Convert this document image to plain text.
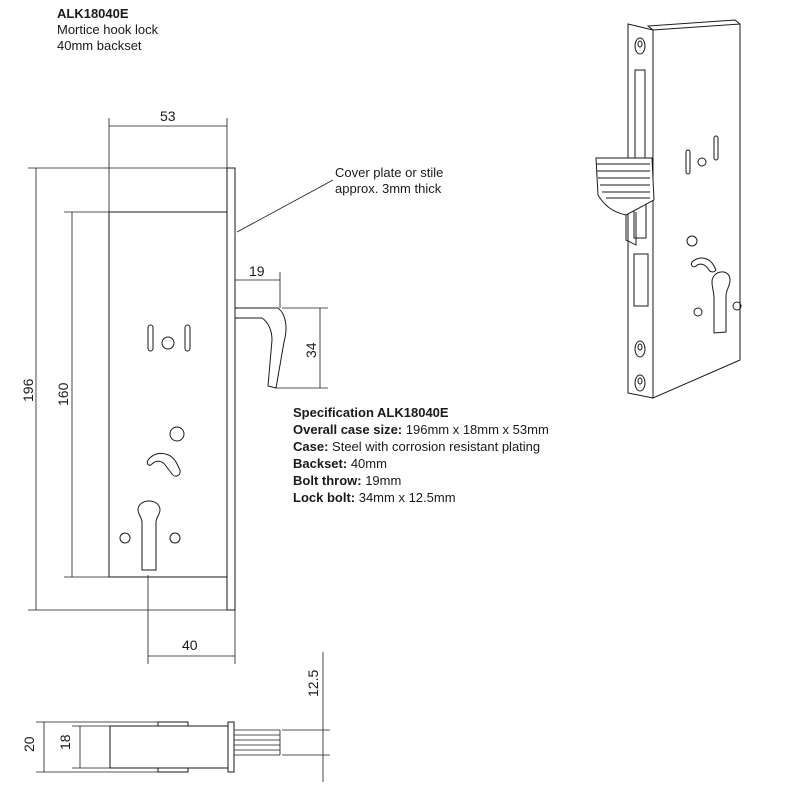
ALK18040E
Mortice hook lock
40mm backset
Cover plate or stile
approx. 3mm thick
Specification ALK18040E
Overall case size: 196mm x 18mm x 53mm
Case: Steel with corrosion resistant plating
Backset: 40mm
Bolt throw: 19mm
Lock bolt: 34mm x 12.5mm
53
19
34
196 160
40
12.5
20 18
